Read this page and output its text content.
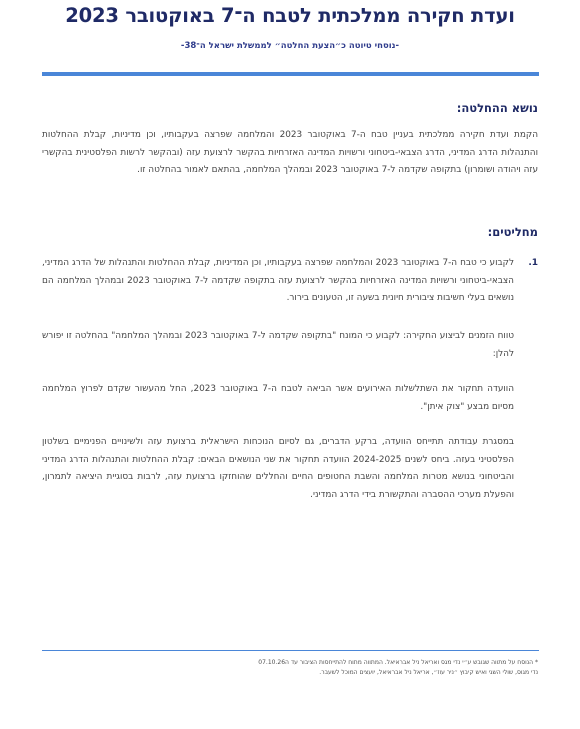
ועדת חקירה ממלכתית לטבח ה־7 באוקטובר 2023
-נוסחי טיוטה כ״הצעת החלטה״ לממשלת ישראל ה־38-
נושא ההחלטה:
הקמת ועדת חקירה ממלכתית בעניין טבח ה-7 באוקטובר 2023 והמלחמה שפרצה בעקבותיו, וכן מדיניות, קבלת ההחלטות והתנהלות הדרג המדיני, הדרג הצבאי-ביטחוני ורשויות המדינה האזרחיות בהקשר לרצועת עזה (ובהקשר לרשות הפלסטינית בהקשרי עזה ויהודה ושומרון) בתקופה שקדמה ל-7 באוקטובר 2023 ובמהלך המלחמה, בהתאם לאמור בהחלטה זו.
מחליטים:
1.
לקבוע כי טבח ה-7 באוקטובר 2023 והמלחמה שפרצה בעקבותיו, וכן המדיניות, קבלת ההחלטות והתנהלות של הדרג המדיני, הצבאי-ביטחוני ורשויות המדינה האזרחיות בהקשר לרצועת עזה בתקופה שקדמה ל-7 באוקטובר 2023 ובמהלך המלחמה הם נושאים בעלי חשיבות ציבורית חיונית בשעה זו, הטעונים בירור.
טווח הזמנים לביצוע החקירה: לקבוע כי המונח "בתקופה שקדמה ל-7 באוקטובר 2023 ובמהלך המלחמה" בהחלטה זו יפורש להלן:
הוועדה תחקור את השתלשלות האירועים אשר הביאה לטבח ה-7 באוקטובר 2023, החל מהעשור שקדם לפרוץ המלחמה מסיום מבצע "צוק איתן".
במסגרת עבודתה תתייחס הוועדה, ברקע הדברים, גם לסיום הנוכחות הישראלית ברצועת עזה ולשינויים הפנימיים בשלטון הפלסטיני בעזה. ביחס לשנים 2024-2025 הוועדה תחקור את שני הנושאים הבאים: קבלת ההחלטות והתנהלות הדרג המדיני והביטחוני בנושא מטרות המלחמה והשבת החטופים החיים והחללים שהוחזקו ברצועת עזה, לרבות בסוגיית היציאה לתמרון, והפעלת מערכי ההסברה והתקשורת בידי הדרג המדיני.
* הנוסח על מתווה שגובש ע״י נדי מגס ואריאל ניל אבראיאל. המתווה מתוח להתייחסות הציבור עד ה07.10.26
נדי מגוס, שולי השגי ואיש קיבוץ ״ניר עוז״, אריאל ניל אבראיאל, יועצים המוכל לשעבר.
